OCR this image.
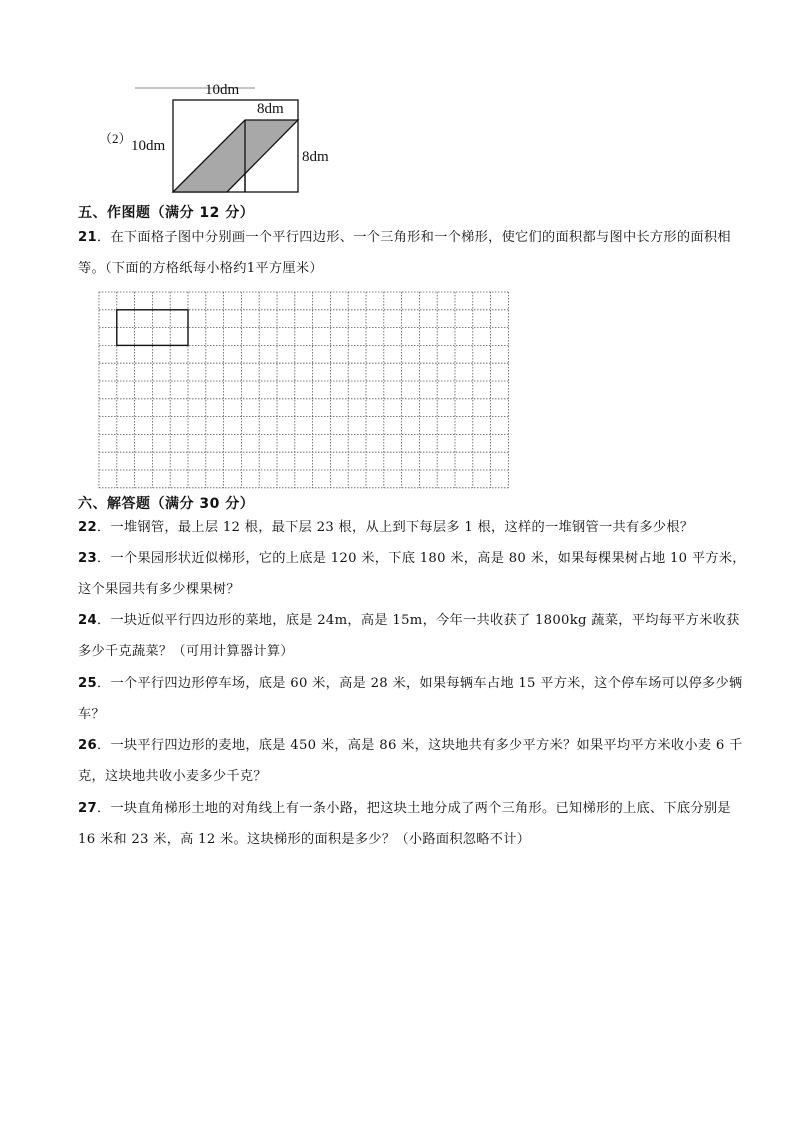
10dm
（2） 10dm
8dm
8dm
五、作图题（满分 12 分）
21．在下面格子图中分别画一个平行四边形、一个三角形和一个梯形，使它们的面积都与图中长方形的面积相等。（下面的方格纸每小格约1平方厘米）
六、解答题（满分 30 分）
22．一堆钢管，最上层 12 根，最下层 23 根，从上到下每层多 1 根，这样的一堆钢管一共有多少根？
23．一个果园形状近似梯形，它的上底是 120 米，下底 180 米，高是 80 米，如果每棵果树占地 10 平方米，这个果园共有多少棵果树？
24．一块近似平行四边形的菜地，底是 24m，高是 15m，今年一共收获了 1800kg 蔬菜，平均每平方米收获多少千克蔬菜？（可用计算器计算）
25．一个平行四边形停车场，底是 60 米，高是 28 米，如果每辆车占地 15 平方米，这个停车场可以停多少辆车？
26．一块平行四边形的麦地，底是 450 米，高是 86 米，这块地共有多少平方米？如果平均平方米收小麦 6 千克，这块地共收小麦多少千克？
27．一块直角梯形土地的对角线上有一条小路，把这块土地分成了两个三角形。已知梯形的上底、下底分别是 16 米和 23 米，高 12 米。这块梯形的面积是多少？（小路面积忽略不计）
